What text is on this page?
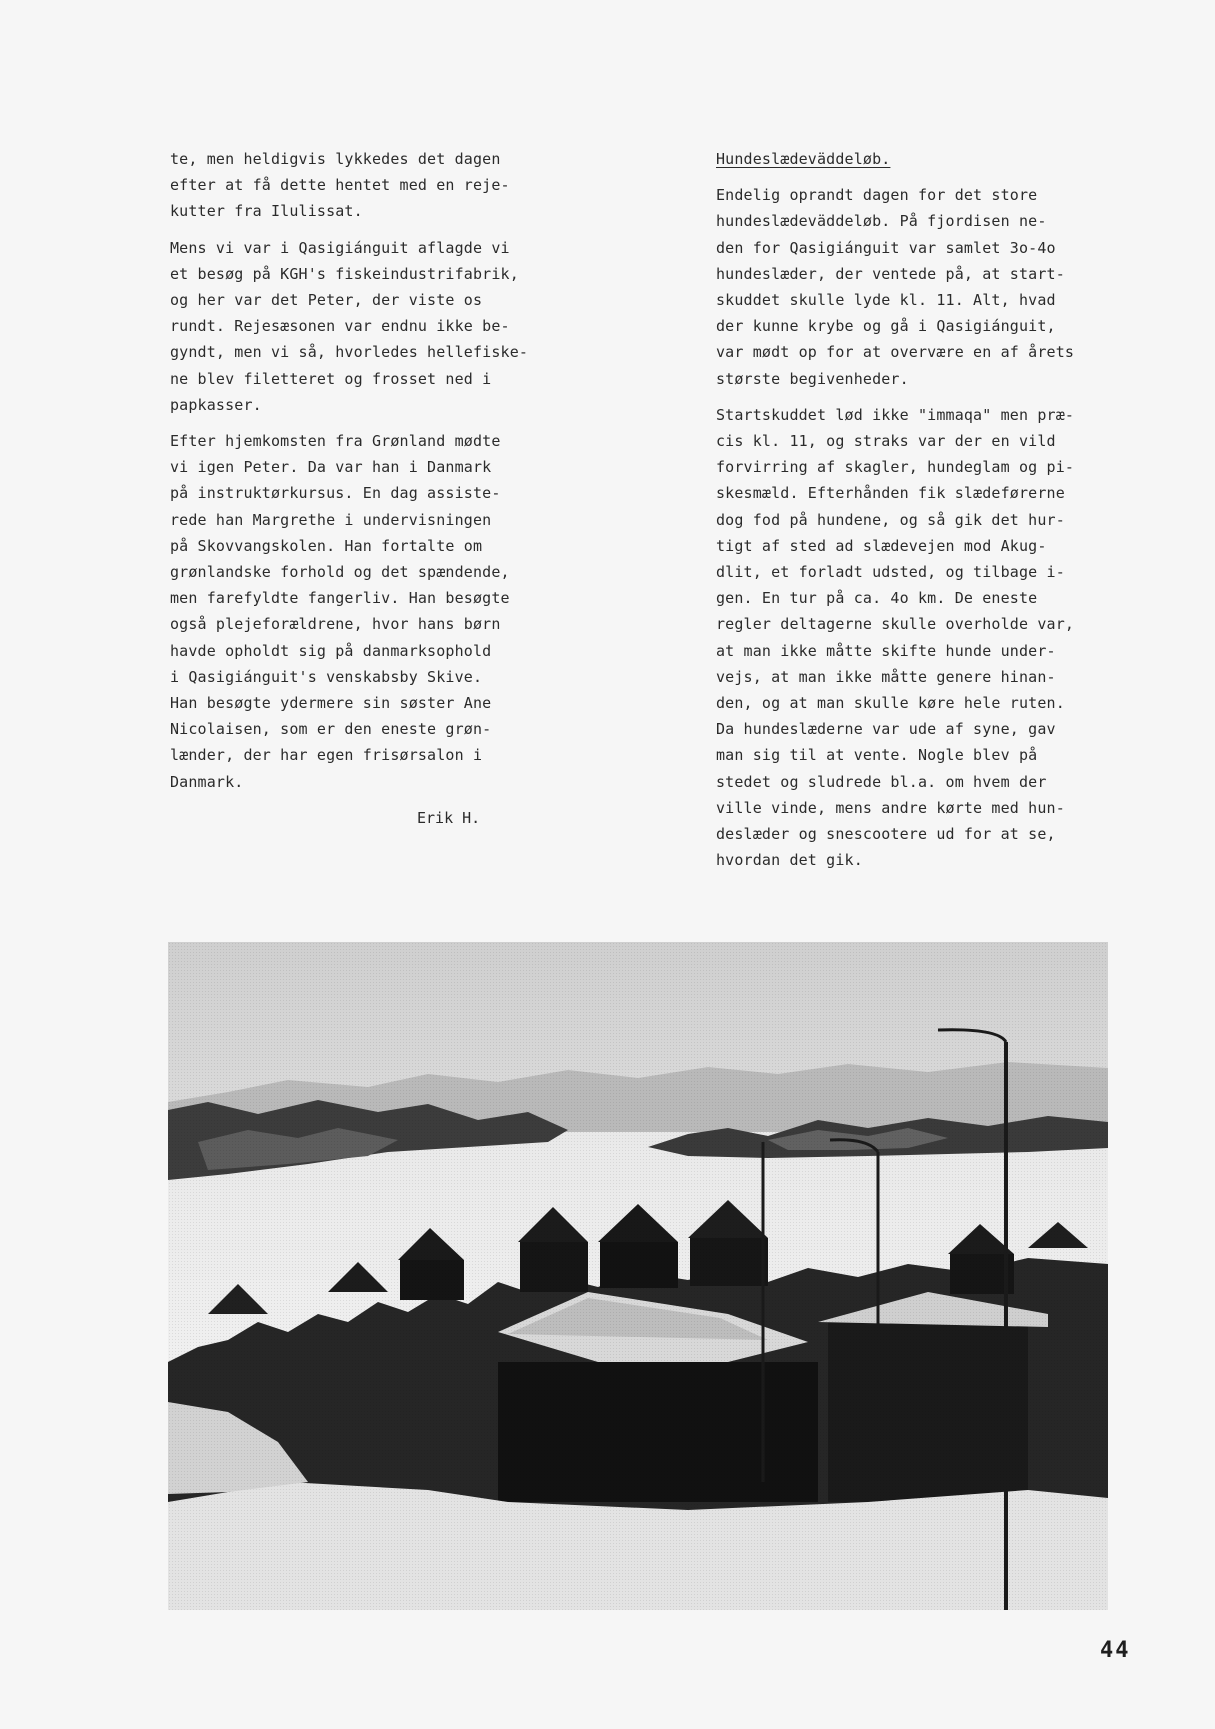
te, men heldigvis lykkedes det dagen
efter at få dette hentet med en reje-
kutter fra Ilulissat.

Mens vi var i Qasigiánguit aflagde vi
et besøg på KGH's fiskeindustrifabrik,
og her var det Peter, der viste os
rundt. Rejesæsonen var endnu ikke be-
gyndt, men vi så, hvorledes hellefiske-
ne blev filetteret og frosset ned i
papkasser.

Efter hjemkomsten fra Grønland mødte
vi igen Peter. Da var han i Danmark
på instruktørkursus. En dag assiste-
rede han Margrethe i undervisningen
på Skovvangskolen. Han fortalte om
grønlandske forhold og det spændende,
men farefyldte fangerliv. Han besøgte
også plejeforældrene, hvor hans børn
havde opholdt sig på danmarksophold
i Qasigiánguit's venskabsby Skive.
Han besøgte ydermere sin søster Ane
Nicolaisen, som er den eneste grøn-
lænder, der har egen frisørsalon i
Danmark.

Erik H.
Hundeslædeväddeløb.

Endelig oprandt dagen for det store
hundeslædeväddeløb. På fjordisen ne-
den for Qasigiánguit var samlet 3o-4o
hundeslæder, der ventede på, at start-
skuddet skulle lyde kl. 11. Alt, hvad
der kunne krybe og gå i Qasigiánguit,
var mødt op for at overvære en af årets
største begivenheder.

Startskuddet lød ikke "immaqa" men præ-
cis kl. 11, og straks var der en vild
forvirring af skagler, hundeglam og pi-
skesmæld. Efterhånden fik slædeførerne
dog fod på hundene, og så gik det hur-
tigt af sted ad slædevejen mod Akug-
dlit, et forladt udsted, og tilbage i-
gen. En tur på ca. 4o km. De eneste
regler deltagerne skulle overholde var,
at man ikke måtte skifte hunde under-
vejs, at man ikke måtte genere hinan-
den, og at man skulle køre hele ruten.
Da hundeslæderne var ude af syne, gav
man sig til at vente. Nogle blev på
stedet og sludrede bl.a. om hvem der
ville vinde, mens andre kørte med hun-
deslæder og snescootere ud for at se,
hvordan det gik.

44
